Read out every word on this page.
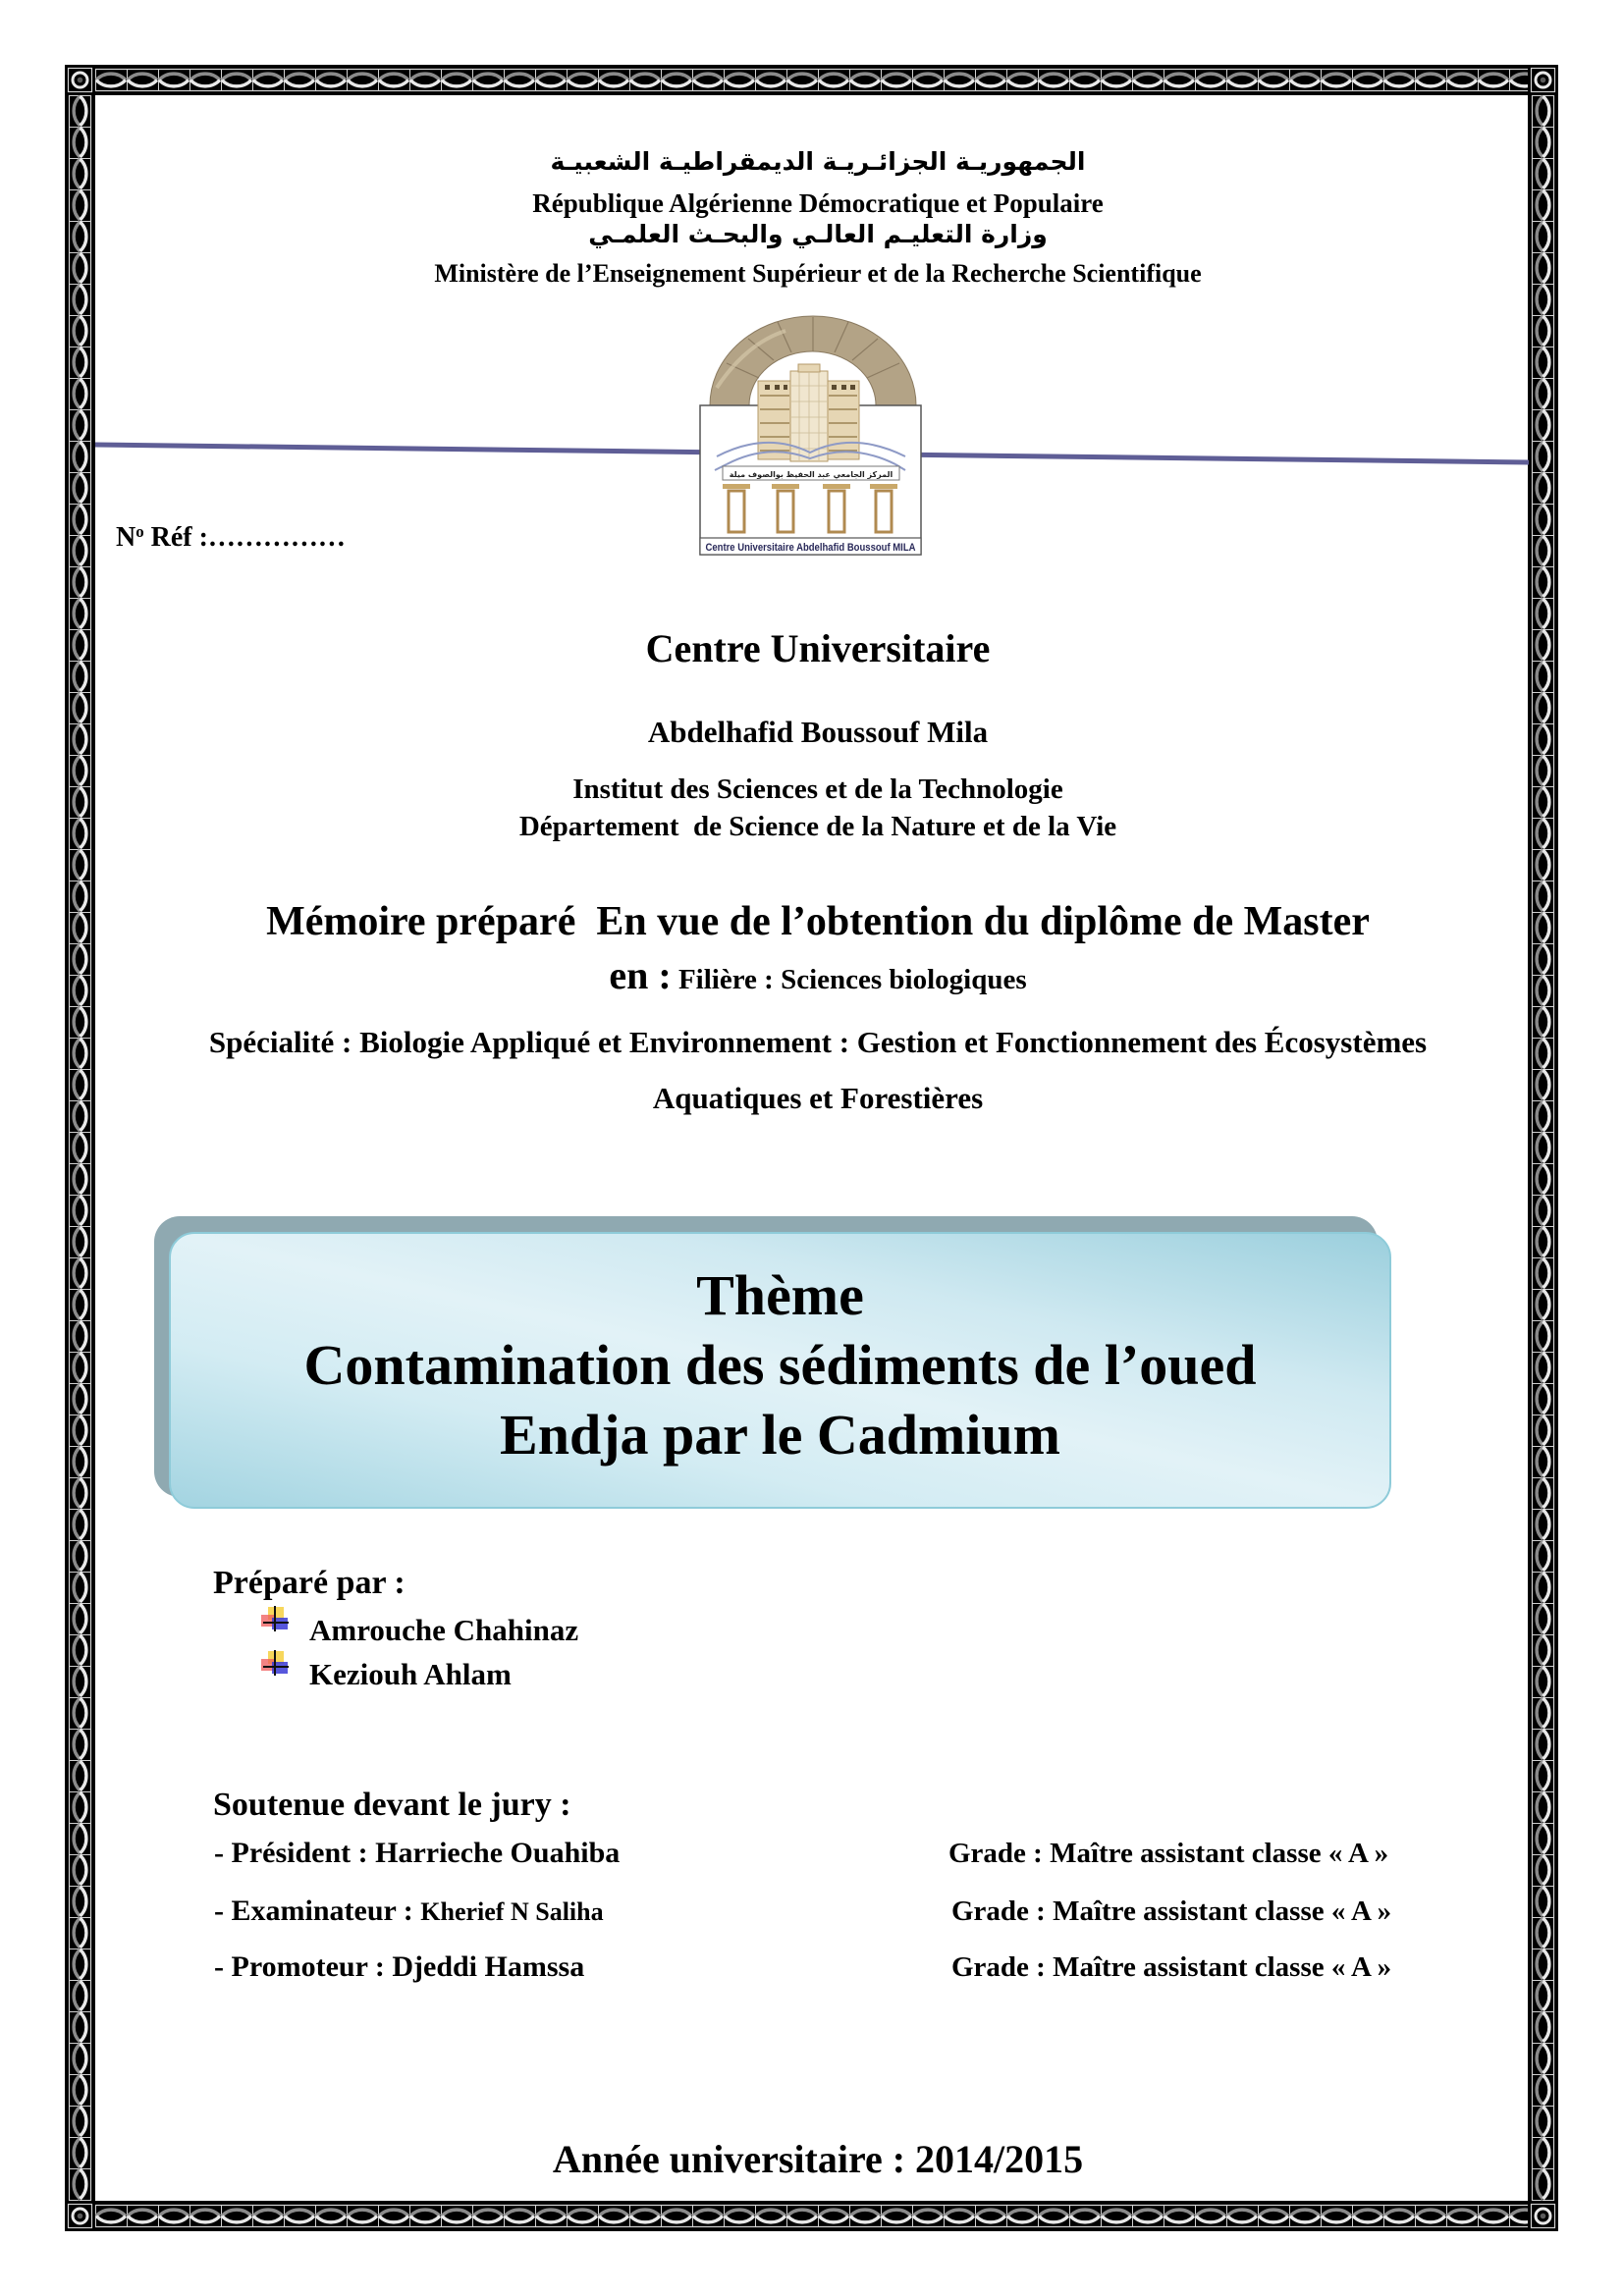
الجمهوريـة الجزائـريـة الديمقراطيـة الشعبيـة
République Algérienne Démocratique et Populaire
وزارة التعليـم العالـي والبحـث العلمـي
Ministère de l’Enseignement Supérieur et de la Recherche Scientifique
المركز الجامعي عبد الحفيظ بوالصوف ميلة
Centre Universitaire Abdelhafid Boussouf MILA
$N^o$ Réf :……………
Centre Universitaire
Abdelhafid Boussouf Mila
Institut des Sciences et de la Technologie
Département  de Science de la Nature et de la Vie
Mémoire préparé  En vue de l’obtention du diplôme de Master
en : Filière : Sciences biologiques
Spécialité : Biologie Appliqué et Environnement : Gestion et Fonctionnement des Écosystèmes
Aquatiques et Forestières
Thème
Contamination des sédiments de l’oued
Endja par le Cadmium
Préparé par :
Amrouche Chahinaz
Keziouh Ahlam
Soutenue devant le jury :
- Président : Harrieche Ouahiba	Grade : Maître assistant classe « A »
- Examinateur : Kherief N Saliha	Grade : Maître assistant classe « A »
- Promoteur : Djeddi Hamssa	Grade : Maître assistant classe « A »
Année universitaire : 2014/2015
